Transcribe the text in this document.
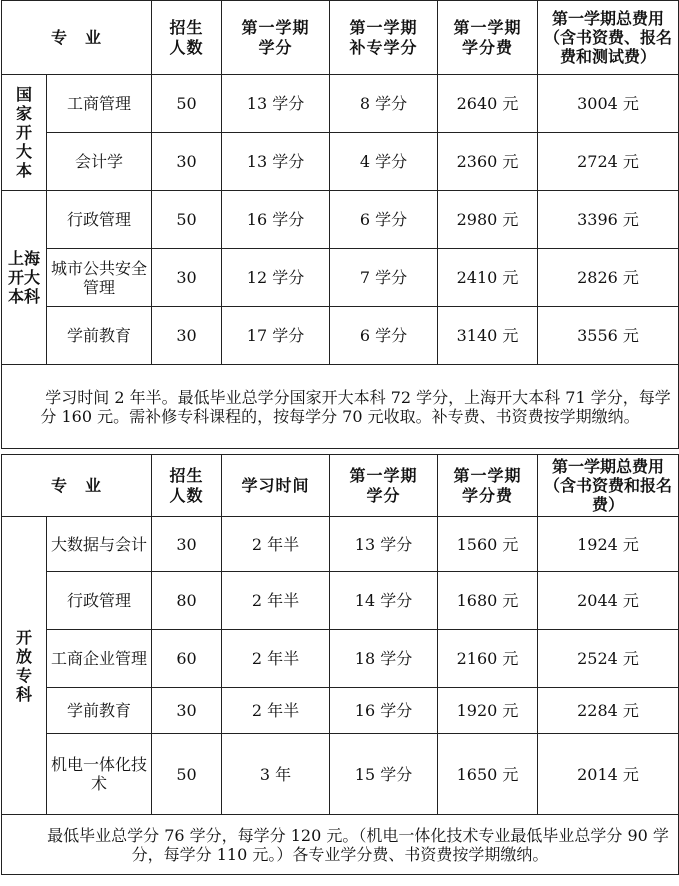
专　业		招生人数	第一学期学分	第一学期补专学分	第一学期学分费	第一学期总费用（含书资费、报名费和测试费）

国家开大本	工商管理	50	13 学分	8 学分	2640 元	3004 元
	会计学	30	13 学分	4 学分	2360 元	2724 元
上海开大本科	行政管理	50	16 学分	6 学分	2980 元	3396 元

	城市公共安全管理	30	12 学分	7 学分	2410 元	2826 元
	学前教育	30	17 学分	6 学分	3140 元	3556 元

学习时间 2 年半。最低毕业总学分国家开大本科 72 学分，上海开大本科 71 学分，每学分 160 元。需补修专科课程的，按每学分 70 元收取。补专费、书资费按学期缴纳。						
专　业		招生人数	学习时间	第一学期学分	第一学期学分费	第一学期总费用（含书资费和报名费）

开放专科	大数据与会计	30	2 年半	13 学分	1560 元	1924 元
	行政管理	80	2 年半	14 学分	1680 元	2044 元

	工商企业管理	60	2 年半	18 学分	2160 元	2524 元
	学前教育	30	2 年半	16 学分	1920 元	2284 元

	机电一体化技术	50	3 年	15 学分	1650 元	2014 元

最低毕业总学分 76 学分，每学分 120 元。（机电一体化技术专业最低毕业总学分 90 学分，每学分 110 元。）各专业学分费、书资费按学期缴纳。						
